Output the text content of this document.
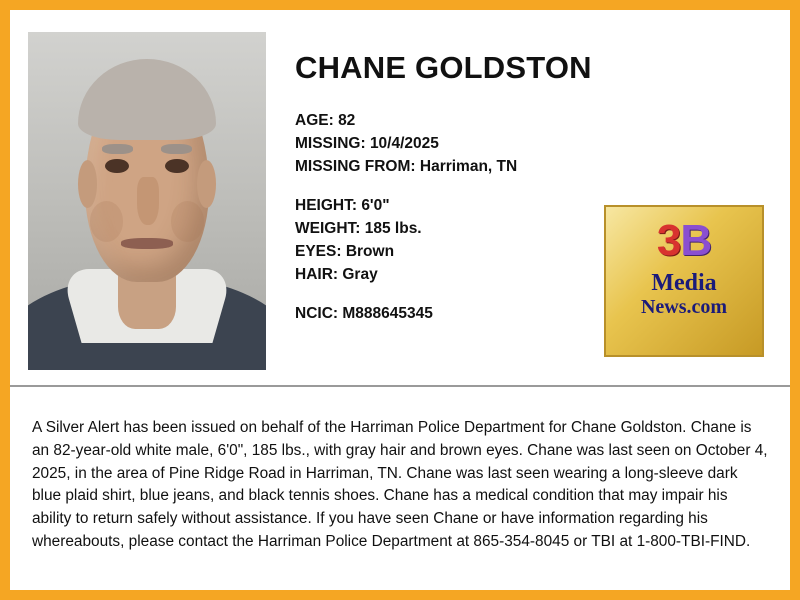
CHANE GOLDSTON
AGE: 82
MISSING: 10/4/2025
MISSING FROM: Harriman, TN
HEIGHT: 6'0"
WEIGHT: 185 lbs.
EYES: Brown
HAIR: Gray
NCIC: M888645345
3B
Media
News.com

A Silver Alert has been issued on behalf of the Harriman Police Department for Chane Goldston. Chane is an 82-year-old white male, 6'0", 185 lbs., with gray hair and brown eyes. Chane was last seen on October 4, 2025, in the area of Pine Ridge Road in Harriman, TN. Chane was last seen wearing a long-sleeve dark blue plaid shirt, blue jeans, and black tennis shoes. Chane has a medical condition that may impair his ability to return safely without assistance. If you have seen Chane or have information regarding his whereabouts, please contact the Harriman Police Department at 865-354-8045 or TBI at 1-800-TBI-FIND.
